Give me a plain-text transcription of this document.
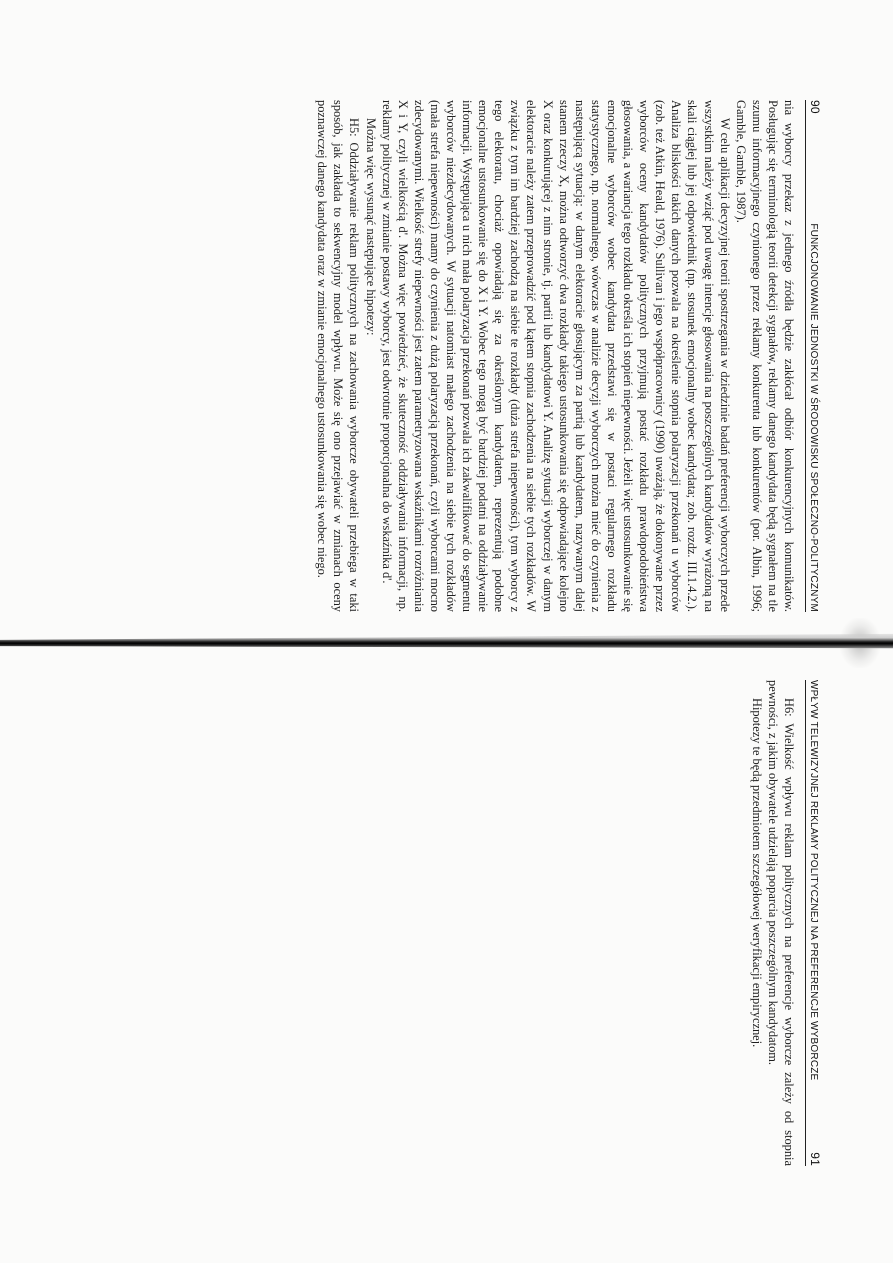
90
FUNKCJONOWANIE JEDNOSTKI W ŚRODOWISKU SPOŁECZNO-POLITYCZNYM

nia wyborcy przekaz z jednego źródła będzie zakłócał odbiór konkurencyjnych komunikatów. Posługując się terminologią teorii detekcji sygnałów, reklamy danego kandydata będą sygnałem na tle szumu informacyjnego czynionego przez reklamy konkurenta lub konkurentów (por. Albin, 1996; Gamble, Gamble, 1987).

W celu aplikacji decyzyjnej teorii spostrzegania w dziedzinie badań preferencji wyborczych przede wszystkim należy wziąć pod uwagę intencje głosowania na poszczególnych kandydatów wyrażoną na skali ciągłej lub jej odpowiednik (np. stosunek emocjonalny wobec kandydata; zob. rozdz. III.1.4.2.). Analiza bliskości takich danych pozwala na określenie stopnia polaryzacji przekonań u wyborców (zob. też Atkin, Heald, 1976). Sullivan i jego współpracownicy (1990) uważają, że dokonywane przez wyborców oceny kandydatów politycznych przyjmują postać rozkładu prawdopodobieństwa głosowania, a wariancja tego rozkładu określa ich stopień niepewności. Jeżeli więc ustosunkowanie się emocjonalne wyborców wobec kandydata przedstawi się w postaci regularnego rozkładu statystycznego, np. normalnego, wówczas w analizie decyzji wyborczych można mieć do czynienia z następującą sytuacją: w danym elektoracie głosującym za partią lub kandydatem, nazywanym dalej stanem rzeczy X, można odtworzyć dwa rozkłady takiego ustosunkowania się odpowiadające kolejno X oraz konkurującej z nim stronie, tj. partii lub kandydatowi Y. Analizę sytuacji wyborczej w danym elektoracie należy zatem przeprowadzić pod kątem stopnia zachodzenia na siebie tych rozkładów. W związku z tym im bardziej zachodzą na siebie te rozkłady (duża strefa niepewności), tym wyborcy z tego elektoratu, chociaż opowiadają się za określonym kandydatem, reprezentują podobne emocjonalne ustosunkowanie się do X i Y. Wobec tego mogą być bardziej podatni na oddziaływanie informacji. Występująca u nich mała polaryzacja przekonań pozwala ich zakwalifikować do segmentu wyborców niezdecydowanych. W sytuacji natomiast małego zachodzenia na siebie tych rozkładów (mała strefa niepewności) mamy do czynienia z dużą polaryzacją przekonań, czyli wyborcami mocno zdecydowanymi. Wielkość strefy niepewności jest zatem parametryzowana wskaźnikami rozróżniania X i Y, czyli wielkością d'. Można więc powiedzieć, że skuteczność oddziaływania informacji, np. reklamy politycznej w zmianie postawy wyborcy, jest odwrotnie proporcjonalna do wskaźnika d'.

Można więc wysunąć następujące hipotezy:

H5: Oddziaływanie reklam politycznych na zachowania wyborcze obywateli przebiega w taki sposób, jak zakłada to sekwencyjny model wpływu. Może się ono przejawiać w zmianach oceny poznawczej danego kandydata oraz w zmianie emocjonalnego ustosunkowania się wobec niego.

WPŁYW TELEWIZYJNEJ REKLAMY POLITYCZNEJ NA PREFERENCJE WYBORCZE
91

H6: Wielkość wpływu reklam politycznych na preferencje wyborcze zależy od stopnia pewności, z jakim obywatele udzielają poparcia poszczególnym kandydatom.

Hipotezy te będą przedmiotem szczegółowej weryfikacji empirycznej.
